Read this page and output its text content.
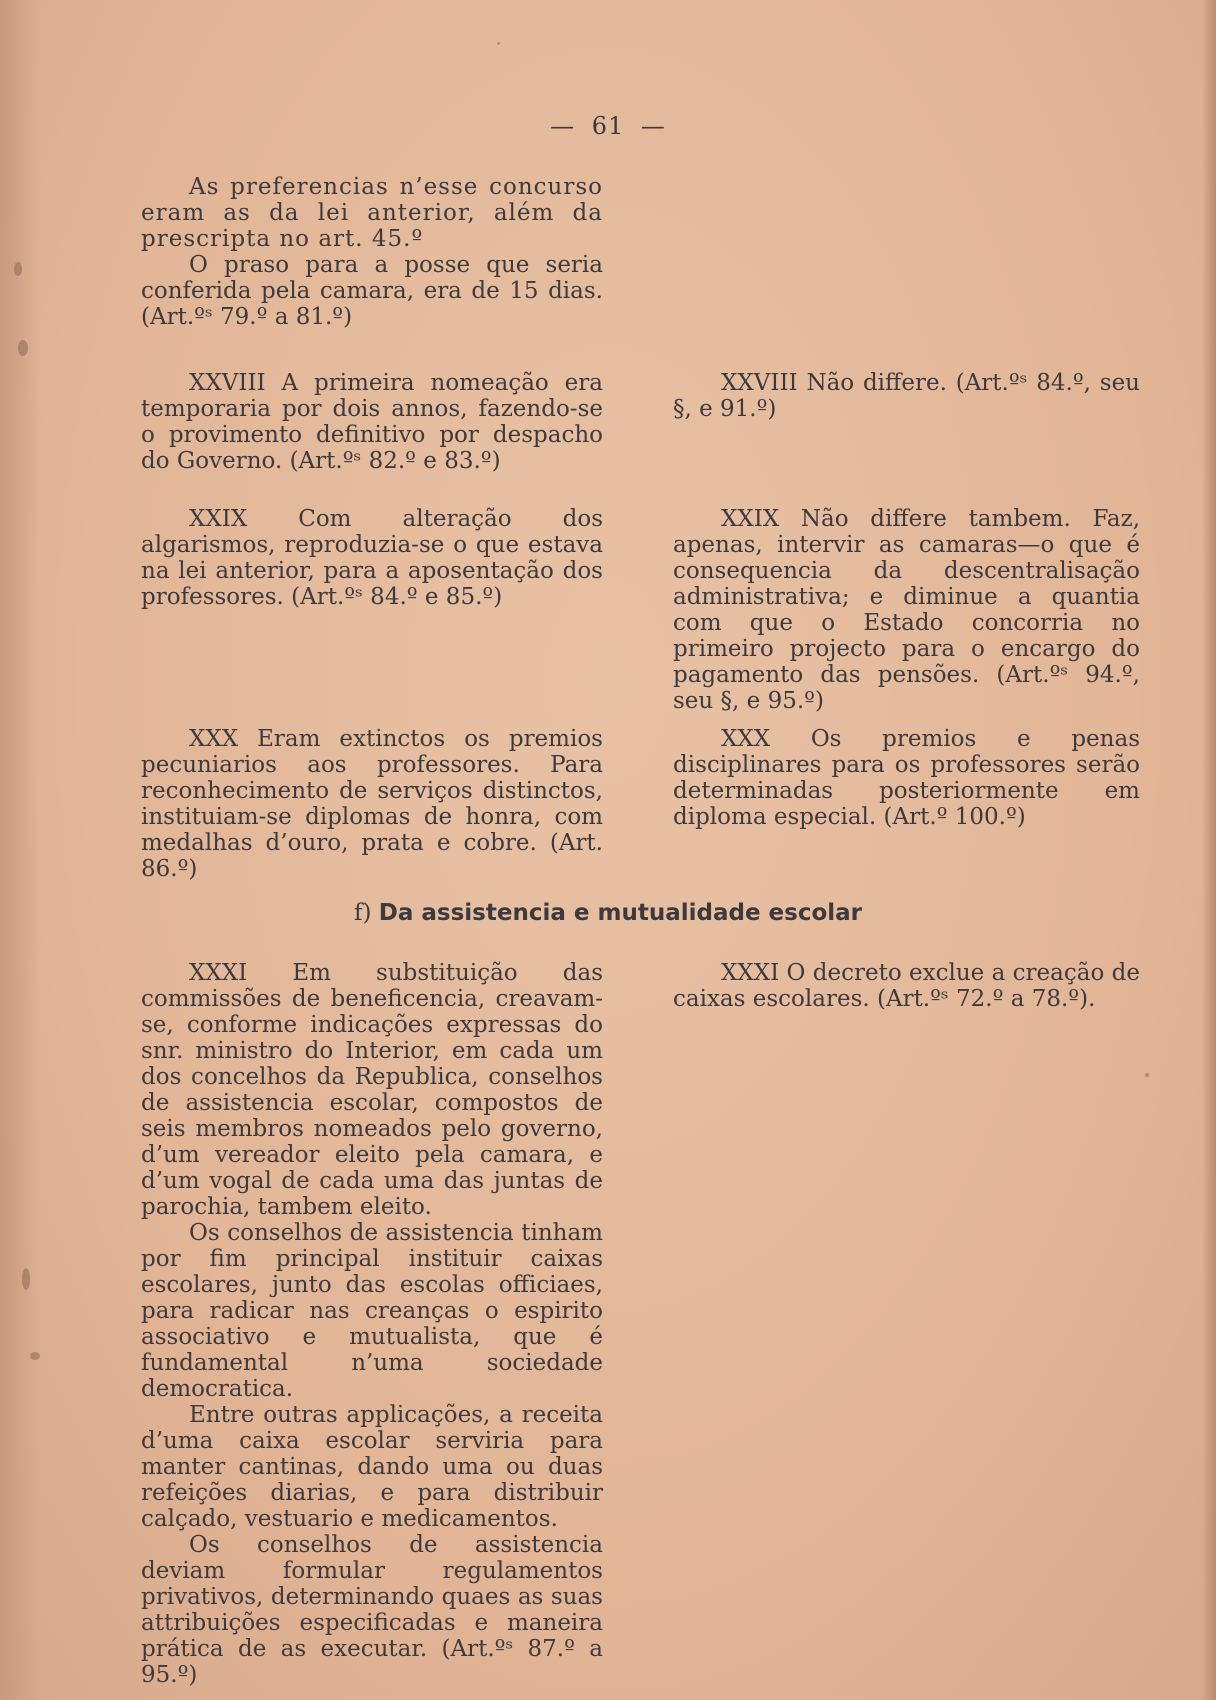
— 61 —

As preferencias n’esse concurso eram as da lei anterior, além da prescripta no art. 45.º

O praso para a posse que seria conferida pela camara, era de 15 dias. (Art.ºˢ 79.º a 81.º)

XXVIII A primeira nomeação era temporaria por dois annos, fazendo-se o provimento definitivo por despacho do Governo. (Art.ºˢ 82.º e 83.º)

XXVIII Não differe. (Art.ºˢ 84.º, seu §, e 91.º)

XXIX Com alteração dos algarismos, reproduzia-se o que estava na lei anterior, para a aposentação dos professores. (Art.ºˢ 84.º e 85.º)

XXIX Não differe tambem. Faz, apenas, intervir as camaras—o que é consequencia da descentralisação administrativa; e diminue a quantia com que o Estado concorria no primeiro projecto para o encargo do pagamento das pensões. (Art.ºˢ 94.º, seu §, e 95.º)

XXX Eram extinctos os premios pecuniarios aos professores. Para reconhecimento de serviços distinctos, instituiam-se diplomas de honra, com medalhas d’ouro, prata e cobre. (Art. 86.º)

XXX Os premios e penas disciplinares para os professores serão determinadas posteriormente em diploma especial. (Art.º 100.º)

f) Da assistencia e mutualidade escolar

XXXI Em substituição das commissões de beneficencia, creavam-se, conforme indicações expressas do snr. ministro do Interior, em cada um dos concelhos da Republica, conselhos de assistencia escolar, compostos de seis membros nomeados pelo governo, d’um vereador eleito pela camara, e d’um vogal de cada uma das juntas de parochia, tambem eleito.

Os conselhos de assistencia tinham por fim principal instituir caixas escolares, junto das escolas officiaes, para radicar nas creanças o espirito associativo e mutualista, que é fundamental n’uma sociedade democratica.

Entre outras applicações, a receita d’uma caixa escolar serviria para manter cantinas, dando uma ou duas refeições diarias, e para distribuir calçado, vestuario e medicamentos.

Os conselhos de assistencia deviam formular regulamentos privativos, determinando quaes as suas attribuições especificadas e maneira prática de as executar. (Art.ºˢ 87.º a 95.º)

XXXI O decreto exclue a creação de caixas escolares. (Art.ºˢ 72.º a 78.º).
